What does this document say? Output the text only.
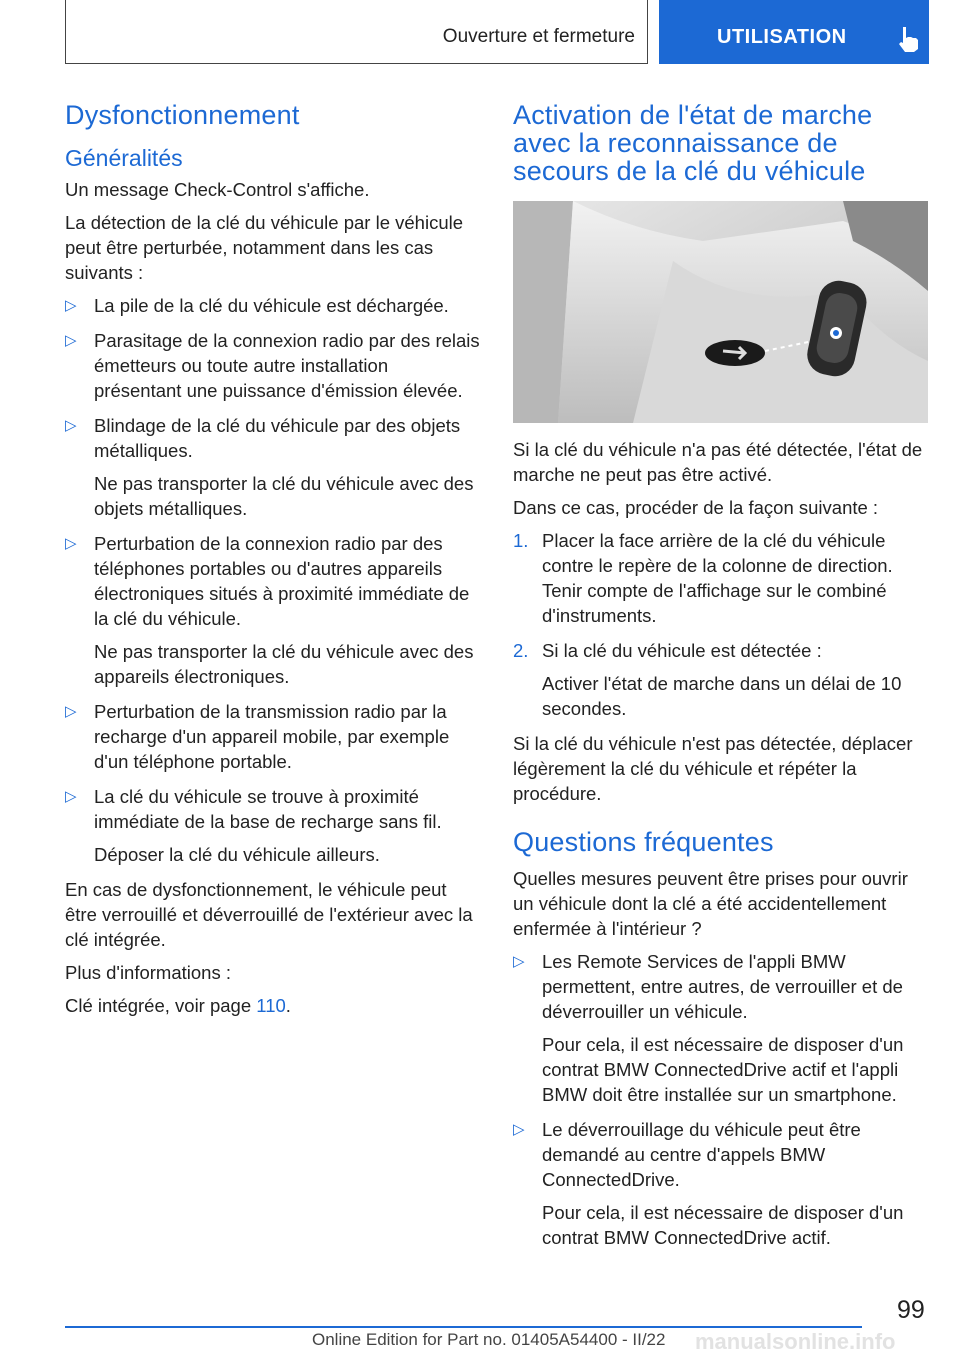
Ouverture et fermeture	UTILISATION
Dysfonctionnement
Généralités

Un message Check-Control s'affiche.

La détection de la clé du véhicule par le véhicule peut être perturbée, notamment dans les cas suivants :

▷ La pile de la clé du véhicule est déchargée.
▷ Parasitage de la connexion radio par des relais émetteurs ou toute autre installation présentant une puissance d'émission élevée.
▷ Blindage de la clé du véhicule par des objets métalliques.

Ne pas transporter la clé du véhicule avec des objets métalliques.

▷ Perturbation de la connexion radio par des téléphones portables ou d'autres appareils électroniques situés à proximité immédiate de la clé du véhicule.

Ne pas transporter la clé du véhicule avec des appareils électroniques.

▷ Perturbation de la transmission radio par la recharge d'un appareil mobile, par exemple d'un téléphone portable.
▷ La clé du véhicule se trouve à proximité immédiate de la base de recharge sans fil.

Déposer la clé du véhicule ailleurs.

En cas de dysfonctionnement, le véhicule peut être verrouillé et déverrouillé de l'extérieur avec la clé intégrée.

Plus d'informations :

Clé intégrée, voir page 110.

Activation de l'état de marche avec la reconnaissance de secours de la clé du véhicule

Si la clé du véhicule n'a pas été détectée, l'état de marche ne peut pas être activé.

Dans ce cas, procéder de la façon suivante :

1. Placer la face arrière de la clé du véhicule contre le repère de la colonne de direction. Tenir compte de l'affichage sur le combiné d'instruments.
2. Si la clé du véhicule est détectée :

Activer l'état de marche dans un délai de 10 secondes.

Si la clé du véhicule n'est pas détectée, déplacer légèrement la clé du véhicule et répéter la procédure.

Questions fréquentes

Quelles mesures peuvent être prises pour ouvrir un véhicule dont la clé a été accidentellement enfermée à l'intérieur ?

▷ Les Remote Services de l'appli BMW permettent, entre autres, de verrouiller et de déverrouiller un véhicule.

Pour cela, il est nécessaire de disposer d'un contrat BMW ConnectedDrive actif et l'appli BMW doit être installée sur un smartphone.

▷ Le déverrouillage du véhicule peut être demandé au centre d'appels BMW ConnectedDrive.

Pour cela, il est nécessaire de disposer d'un contrat BMW ConnectedDrive actif.

99
Online Edition for Part no. 01405A54400 - II/22 manualsonline.info
